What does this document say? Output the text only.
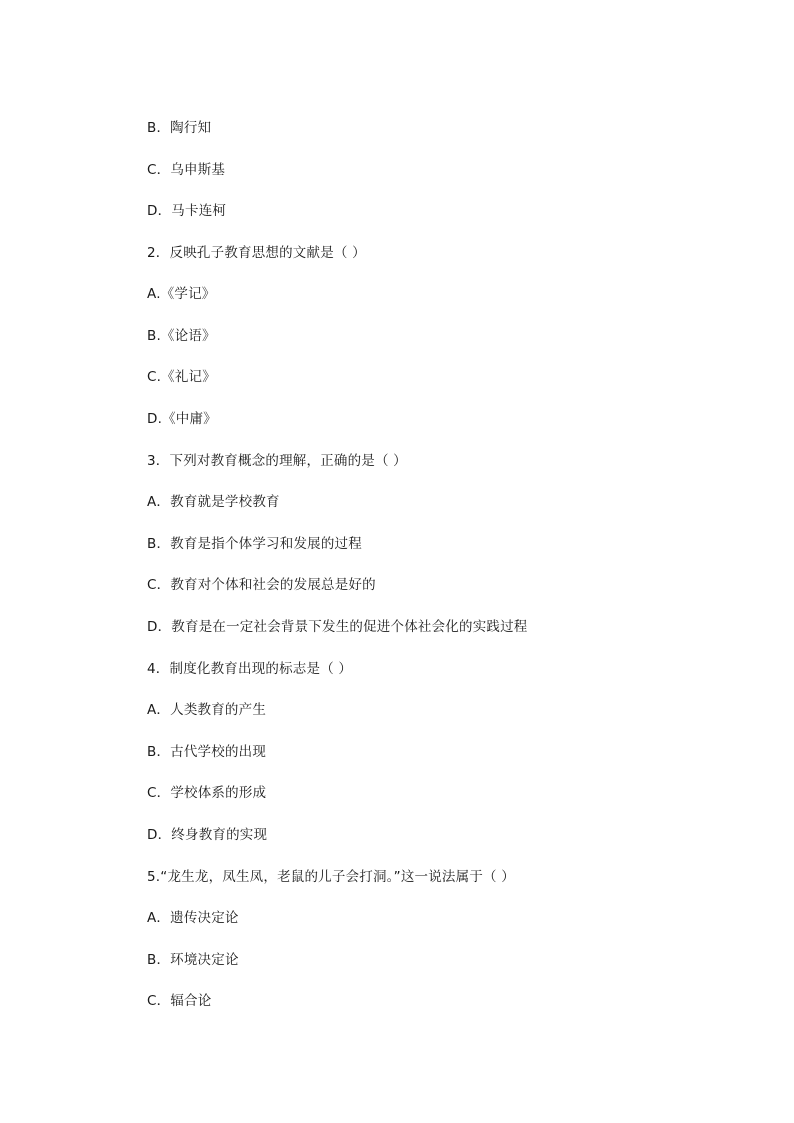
B．陶行知
C．乌申斯基
D．马卡连柯
2．反映孔子教育思想的文献是（ ）
A.《学记》
B.《论语》
C.《礼记》
D.《中庸》
3．下列对教育概念的理解，正确的是（ ）
A．教育就是学校教育
B．教育是指个体学习和发展的过程
C．教育对个体和社会的发展总是好的
D．教育是在一定社会背景下发生的促进个体社会化的实践过程
4．制度化教育出现的标志是（ ）
A．人类教育的产生
B．古代学校的出现
C．学校体系的形成
D．终身教育的实现
5.“龙生龙，凤生凤，老鼠的儿子会打洞。”这一说法属于（ ）
A．遗传决定论
B．环境决定论
C．辐合论
